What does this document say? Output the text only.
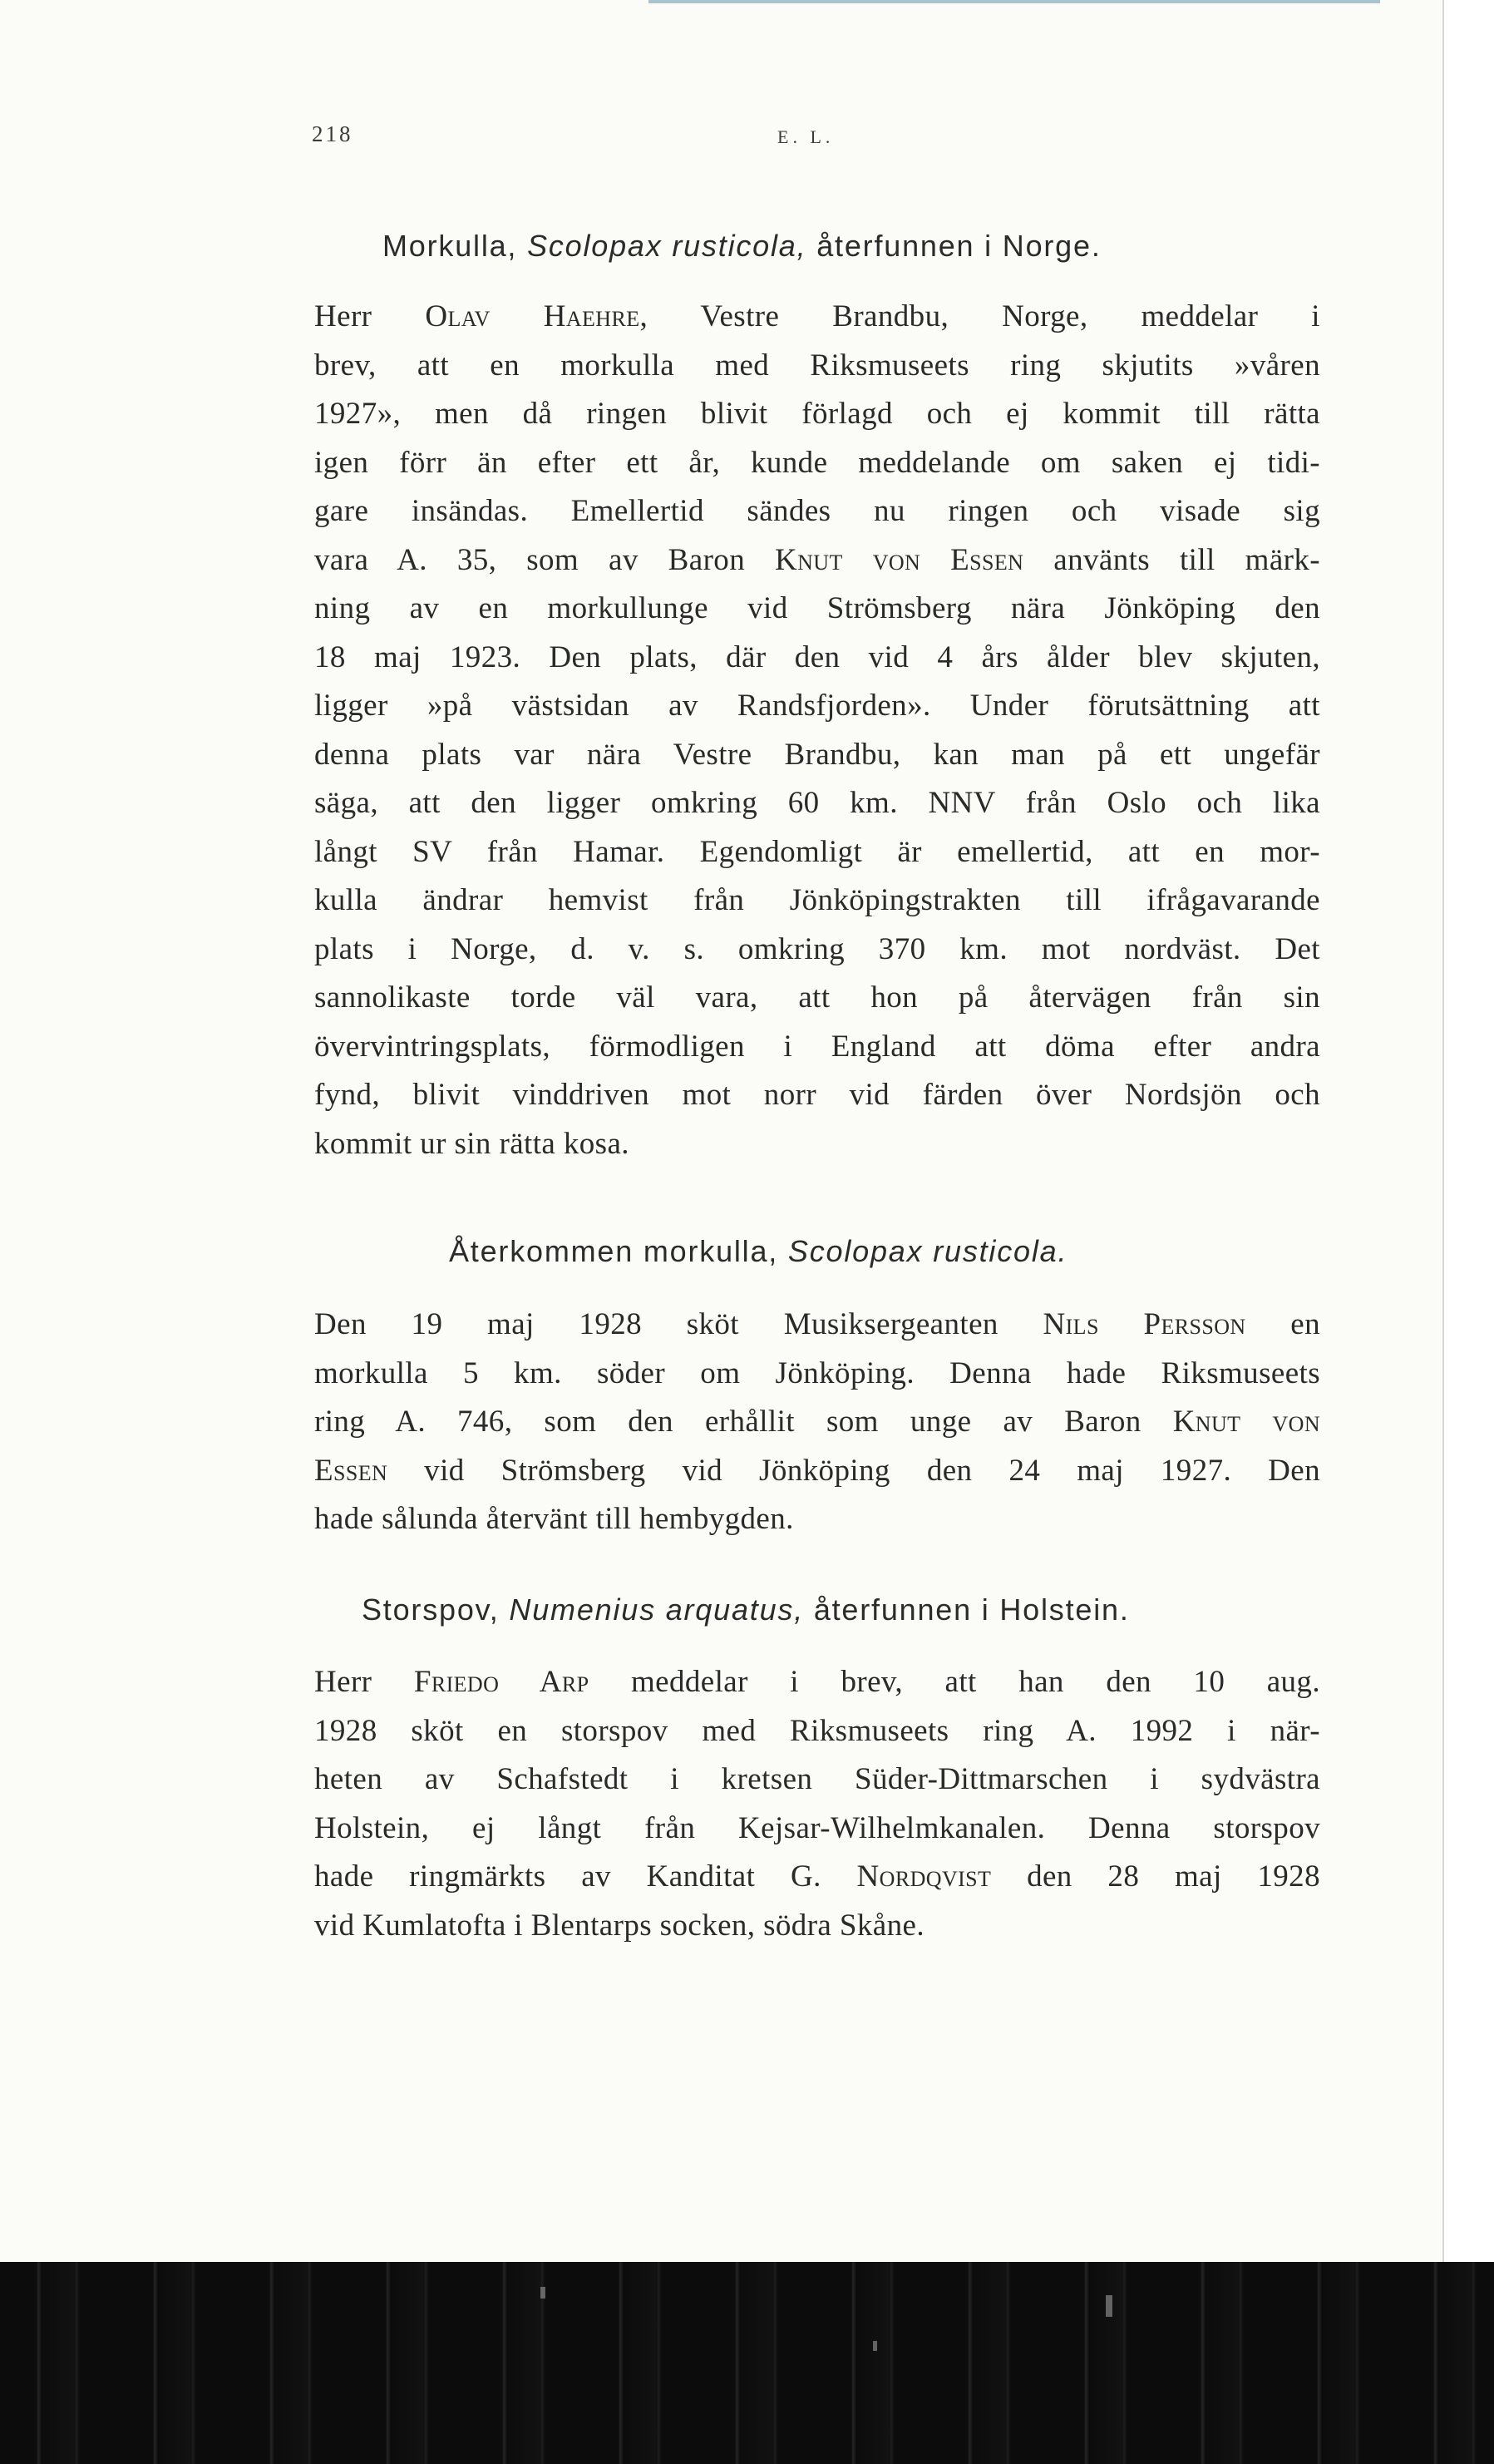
218	E. L.
Morkulla, Scolopax rusticola, återfunnen i Norge.
Herr Olav Haehre, Vestre Brandbu, Norge, meddelar i
brev, att en morkulla med Riksmuseets ring skjutits »våren
1927», men då ringen blivit förlagd och ej kommit till rätta
igen förr än efter ett år, kunde meddelande om saken ej tidi-
gare insändas. Emellertid sändes nu ringen och visade sig
vara A. 35, som av Baron Knut von Essen använts till märk-
ning av en morkullunge vid Strömsberg nära Jönköping den
18 maj 1923. Den plats, där den vid 4 års ålder blev skjuten,
ligger »på västsidan av Randsfjorden». Under förutsättning att
denna plats var nära Vestre Brandbu, kan man på ett ungefär
säga, att den ligger omkring 60 km. NNV från Oslo och lika
långt SV från Hamar. Egendomligt är emellertid, att en mor-
kulla ändrar hemvist från Jönköpingstrakten till ifrågavarande
plats i Norge, d. v. s. omkring 370 km. mot nordväst. Det
sannolikaste torde väl vara, att hon på återvägen från sin
övervintringsplats, förmodligen i England att döma efter andra
fynd, blivit vinddriven mot norr vid färden över Nordsjön och
kommit ur sin rätta kosa.
Återkommen morkulla, Scolopax rusticola.
Den 19 maj 1928 sköt Musiksergeanten Nils Persson en
morkulla 5 km. söder om Jönköping. Denna hade Riksmuseets
ring A. 746, som den erhållit som unge av Baron Knut von
Essen vid Strömsberg vid Jönköping den 24 maj 1927. Den
hade sålunda återvänt till hembygden.
Storspov, Numenius arquatus, återfunnen i Holstein.
Herr Friedo Arp meddelar i brev, att han den 10 aug.
1928 sköt en storspov med Riksmuseets ring A. 1992 i när-
heten av Schafstedt i kretsen Süder-Dittmarschen i sydvästra
Holstein, ej långt från Kejsar-Wilhelmkanalen. Denna storspov
hade ringmärkts av Kanditat G. Nordqvist den 28 maj 1928
vid Kumlatofta i Blentarps socken, södra Skåne.
